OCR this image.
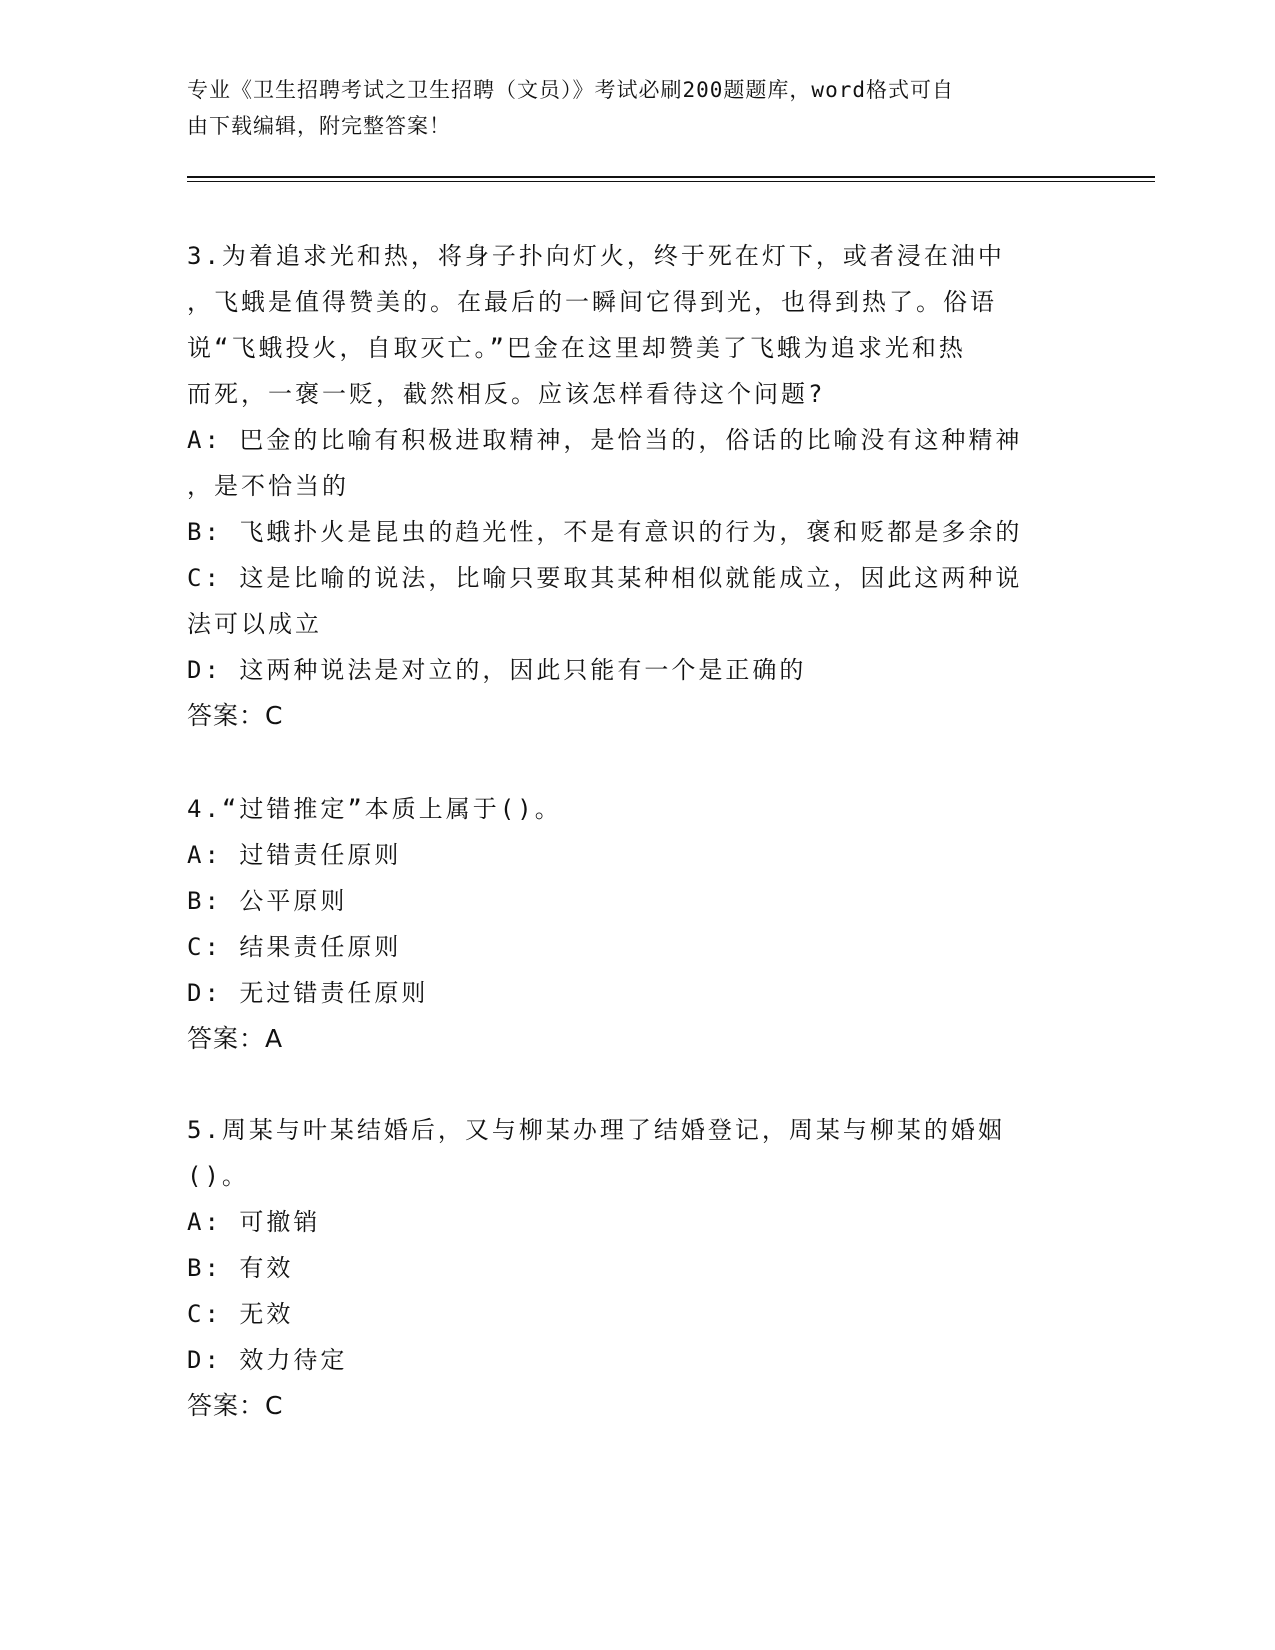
专业《卫生招聘考试之卫生招聘（文员）》考试必刷200题题库，word格式可自
由下载编辑，附完整答案！

3.为着追求光和热，将身子扑向灯火，终于死在灯下，或者浸在油中

，飞蛾是值得赞美的。在最后的一瞬间它得到光，也得到热了。俗语

说“飞蛾投火，自取灭亡。”巴金在这里却赞美了飞蛾为追求光和热

而死，一褒一贬，截然相反。应该怎样看待这个问题?

A: 巴金的比喻有积极进取精神，是恰当的，俗话的比喻没有这种精神

，是不恰当的

B: 飞蛾扑火是昆虫的趋光性，不是有意识的行为，褒和贬都是多余的

C: 这是比喻的说法，比喻只要取其某种相似就能成立，因此这两种说

法可以成立

D: 这两种说法是对立的，因此只能有一个是正确的

答案：C

4.“过错推定”本质上属于()。

A: 过错责任原则

B: 公平原则

C: 结果责任原则

D: 无过错责任原则

答案：A

5.周某与叶某结婚后，又与柳某办理了结婚登记，周某与柳某的婚姻

()。

A: 可撤销

B: 有效

C: 无效

D: 效力待定

答案：C
